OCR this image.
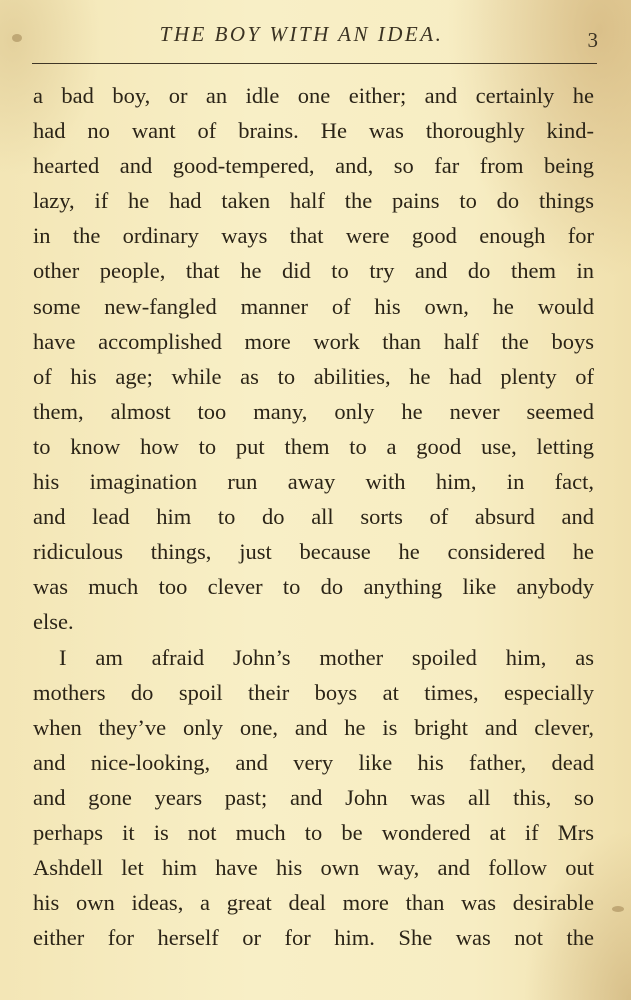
THE BOY WITH AN IDEA.	3
a bad boy, or an idle one either; and certainly he
had no want of brains. He was thoroughly kind-
hearted and good-tempered, and, so far from being
lazy, if he had taken half the pains to do things
in the ordinary ways that were good enough for
other people, that he did to try and do them in
some new-fangled manner of his own, he would
have accomplished more work than half the boys
of his age; while as to abilities, he had plenty of
them, almost too many, only he never seemed
to know how to put them to a good use, letting
his imagination run away with him, in fact,
and lead him to do all sorts of absurd and
ridiculous things, just because he considered he
was much too clever to do anything like anybody
else.
I am afraid John’s mother spoiled him, as
mothers do spoil their boys at times, especially
when they’ve only one, and he is bright and clever,
and nice-looking, and very like his father, dead
and gone years past; and John was all this, so
perhaps it is not much to be wondered at if Mrs
Ashdell let him have his own way, and follow out
his own ideas, a great deal more than was desirable
either for herself or for him. She was not the
